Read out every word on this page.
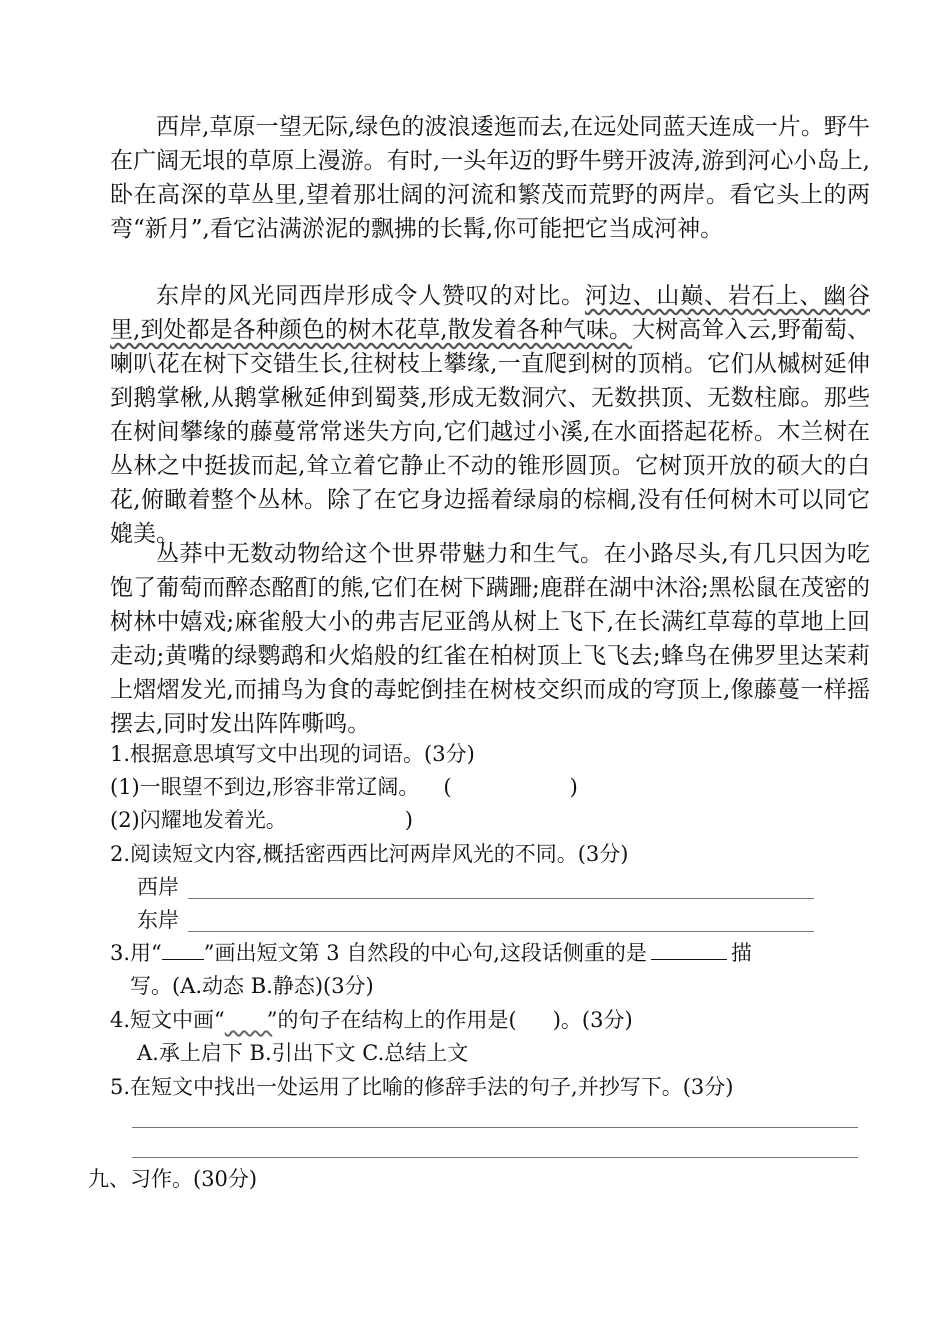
西岸,草原一望无际,绿色的波浪逶迤而去,在远处同蓝天连成一片。野牛在广阔无垠的草原上漫游。有时,一头年迈的野牛劈开波涛,游到河心小岛上,卧在高深的草丛里,望着那壮阔的河流和繁茂而荒野的两岸。看它头上的两弯“新月”,看它沾满淤泥的飘拂的长髯,你可能把它当成河神。

东岸的风光同西岸形成令人赞叹的对比。河边、山巅、岩石上、幽谷里,到处都是各种颜色的树木花草,散发着各种气味。大树高耸入云,野葡萄、喇叭花在树下交错生长,往树枝上攀缘,一直爬到树的顶梢。它们从槭树延伸到鹅掌楸,从鹅掌楸延伸到蜀葵,形成无数洞穴、无数拱顶、无数柱廊。那些在树间攀缘的藤蔓常常迷失方向,它们越过小溪,在水面搭起花桥。木兰树在丛林之中挺拔而起,耸立着它静止不动的锥形圆顶。它树顶开放的硕大的白花,俯瞰着整个丛林。除了在它身边摇着绿扇的棕榈,没有任何树木可以同它媲美。

丛莽中无数动物给这个世界带魅力和生气。在小路尽头,有几只因为吃饱了葡萄而醉态酩酊的熊,它们在树下蹒跚;鹿群在湖中沐浴;黑松鼠在茂密的树林中嬉戏;麻雀般大小的弗吉尼亚鸽从树上飞下,在长满红草莓的草地上回走动;黄嘴的绿鹦鹉和火焰般的红雀在柏树顶上飞飞去;蜂鸟在佛罗里达茉莉上熠熠发光,而捕鸟为食的毒蛇倒挂在树枝交织而成的穹顶上,像藤蔓一样摇摆去,同时发出阵阵嘶鸣。

1.根据意思填写文中出现的词语。(3分)

(1)一眼望不到边,形容非常辽阔。 (	)

(2)闪耀地发着光。	)

2.阅读短文内容,概括密西西比河两岸风光的不同。(3分)

西岸

东岸

3.用“ ”画出短文第 3 自然段的中心句,这段话侧重的是	描

写。(A.动态 B.静态)(3分)

4.短文中画“ ”的句子在结构上的作用是( )。(3分)

A.承上启下 B.引出下文 C.总结上文

5.在短文中找出一处运用了比喻的修辞手法的句子,并抄写下。(3分)

九、习作。(30分)
